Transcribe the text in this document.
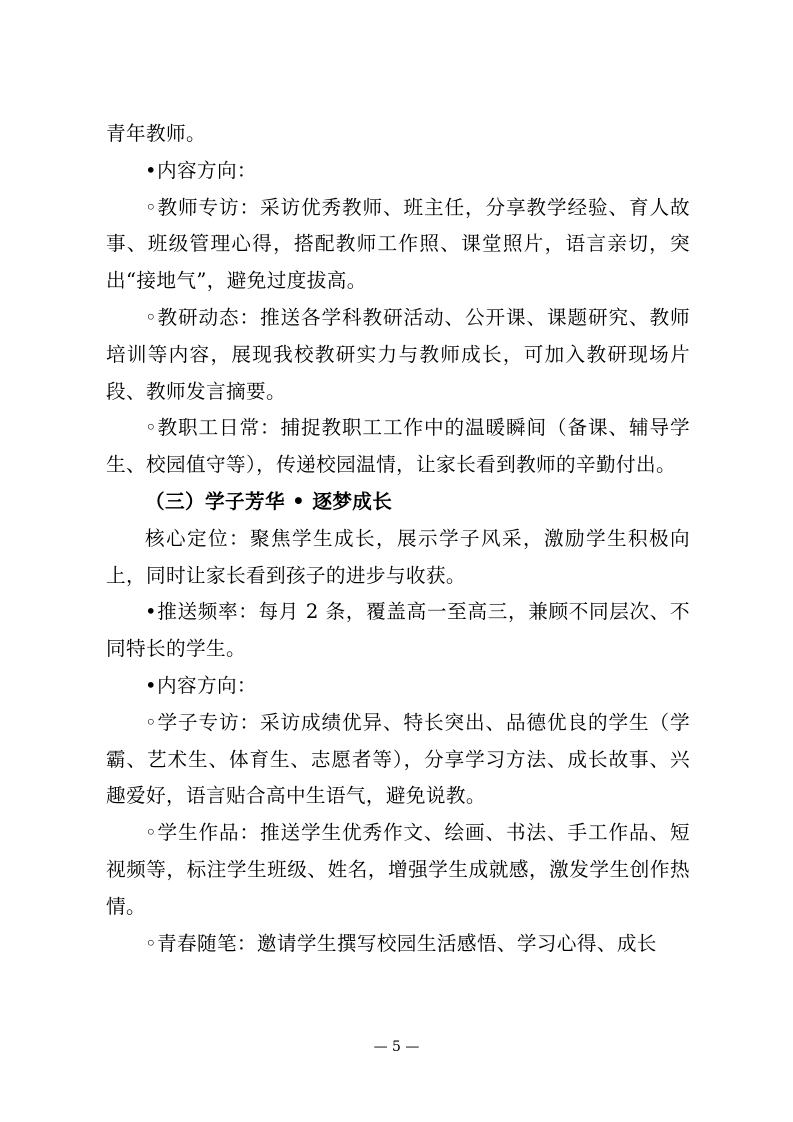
青年教师。

•内容方向：

◦教师专访：采访优秀教师、班主任，分享教学经验、育人故事、班级管理心得，搭配教师工作照、课堂照片，语言亲切，突出“接地气”，避免过度拔高。

◦教研动态：推送各学科教研活动、公开课、课题研究、教师培训等内容，展现我校教研实力与教师成长，可加入教研现场片段、教师发言摘要。

◦教职工日常：捕捉教职工工作中的温暖瞬间（备课、辅导学生、校园值守等），传递校园温情，让家长看到教师的辛勤付出。

（三）学子芳华 • 逐梦成长

核心定位：聚焦学生成长，展示学子风采，激励学生积极向上，同时让家长看到孩子的进步与收获。

•推送频率：每月 2 条，覆盖高一至高三，兼顾不同层次、不同特长的学生。

•内容方向：

◦学子专访：采访成绩优异、特长突出、品德优良的学生（学霸、艺术生、体育生、志愿者等），分享学习方法、成长故事、兴趣爱好，语言贴合高中生语气，避免说教。

◦学生作品：推送学生优秀作文、绘画、书法、手工作品、短视频等，标注学生班级、姓名，增强学生成就感，激发学生创作热情。

◦青春随笔：邀请学生撰写校园生活感悟、学习心得、成长

— 5 —
